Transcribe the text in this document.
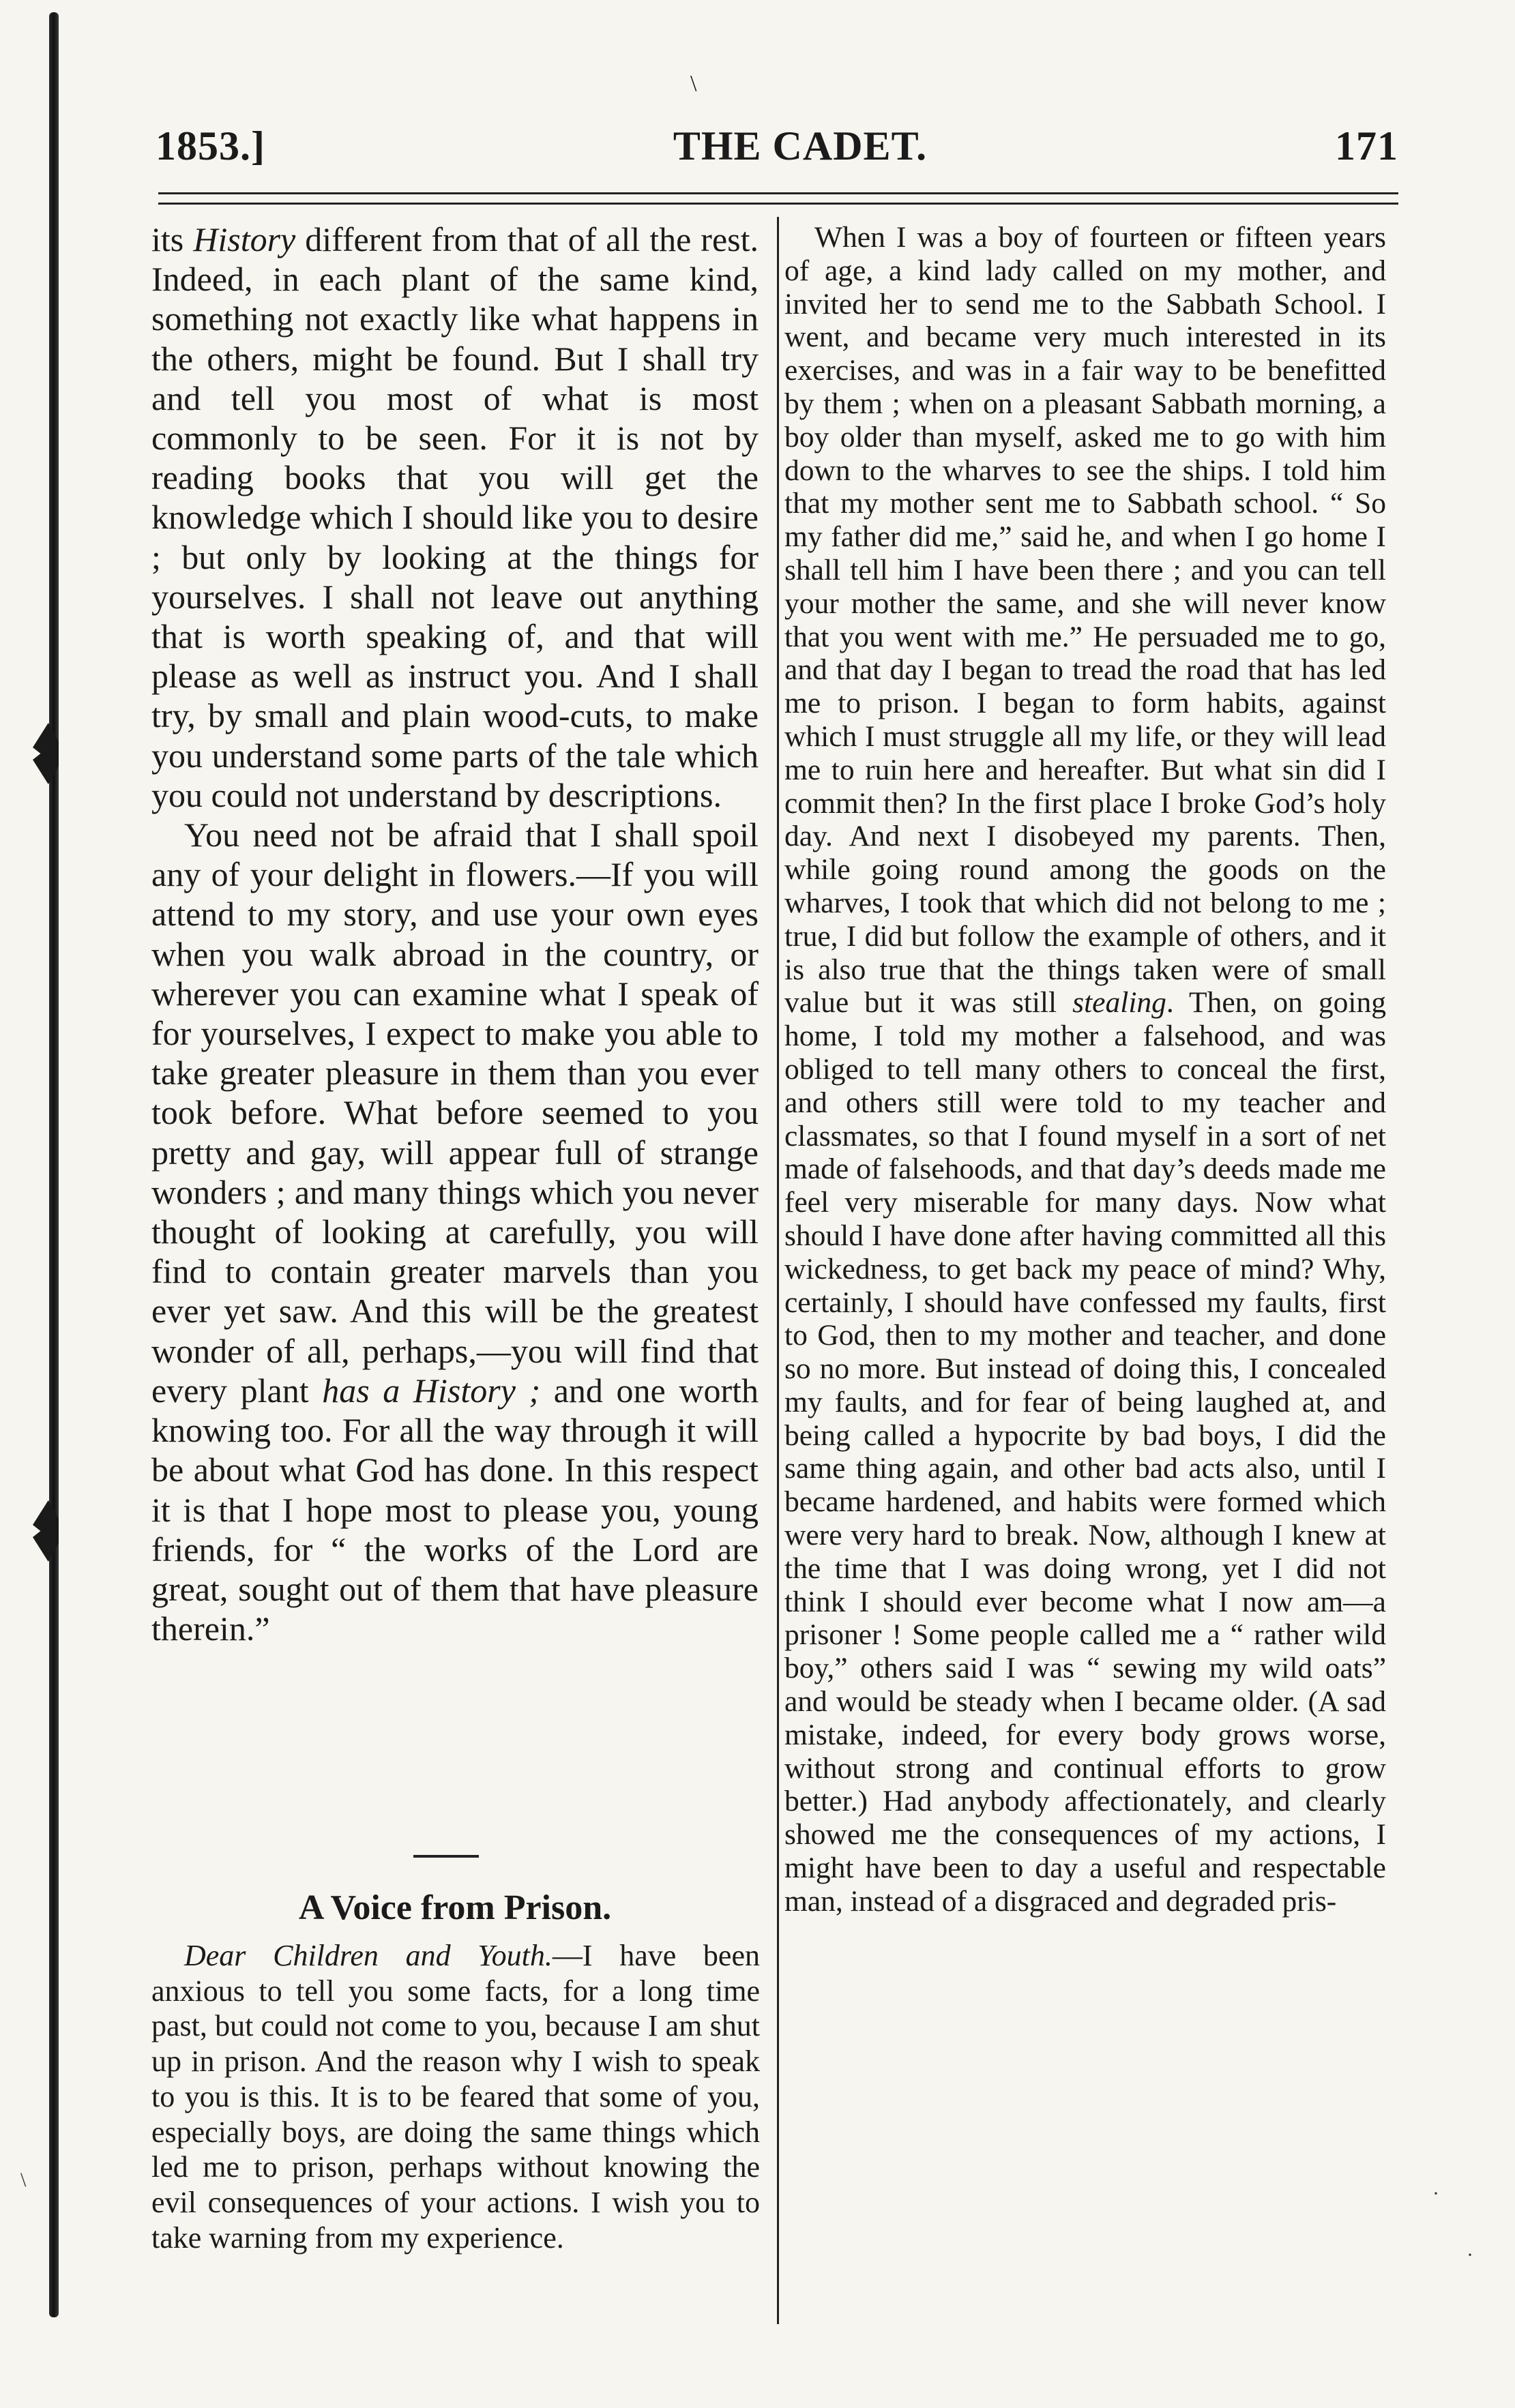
\
1853.]	THE CADET.	171

its History different from that of all the rest. Indeed, in each plant of the same kind, something not exactly like what happens in the others, might be found. But I shall try and tell you most of what is most commonly to be seen. For it is not by reading books that you will get the knowledge which I should like you to desire ; but only by looking at the things for yourselves. I shall not leave out anything that is worth speaking of, and that will please as well as instruct you. And I shall try, by small and plain wood-cuts, to make you understand some parts of the tale which you could not understand by descriptions.

You need not be afraid that I shall spoil any of your delight in flowers.—If you will attend to my story, and use your own eyes when you walk abroad in the country, or wherever you can examine what I speak of for yourselves, I expect to make you able to take greater pleasure in them than you ever took before. What before seemed to you pretty and gay, will appear full of strange wonders ; and many things which you never thought of looking at carefully, you will find to contain greater marvels than you ever yet saw. And this will be the greatest wonder of all, perhaps,—you will find that every plant has a History ; and one worth knowing too. For all the way through it will be about what God has done. In this respect it is that I hope most to please you, young friends, for “ the works of the Lord are great, sought out of them that have pleasure therein.”

A Voice from Prison.

Dear Children and Youth.—I have been anxious to tell you some facts, for a long time past, but could not come to you, because I am shut up in prison. And the reason why I wish to speak to you is this. It is to be feared that some of you, especially boys, are doing the same things which led me to prison, perhaps without knowing the evil consequences of your actions. I wish you to take warning from my experience.

When I was a boy of fourteen or fifteen years of age, a kind lady called on my mother, and invited her to send me to the Sabbath School. I went, and became very much interested in its exercises, and was in a fair way to be benefitted by them ; when on a pleasant Sabbath morning, a boy older than myself, asked me to go with him down to the wharves to see the ships. I told him that my mother sent me to Sabbath school. “ So my father did me,” said he, and when I go home I shall tell him I have been there ; and you can tell your mother the same, and she will never know that you went with me.” He persuaded me to go, and that day I began to tread the road that has led me to prison. I began to form habits, against which I must struggle all my life, or they will lead me to ruin here and hereafter. But what sin did I commit then? In the first place I broke God’s holy day. And next I disobeyed my parents. Then, while going round among the goods on the wharves, I took that which did not belong to me ; true, I did but follow the example of others, and it is also true that the things taken were of small value but it was still stealing. Then, on going home, I told my mother a falsehood, and was obliged to tell many others to conceal the first, and others still were told to my teacher and classmates, so that I found myself in a sort of net made of falsehoods, and that day’s deeds made me feel very miserable for many days. Now what should I have done after having committed all this wickedness, to get back my peace of mind? Why, certainly, I should have confessed my faults, first to God, then to my mother and teacher, and done so no more. But instead of doing this, I concealed my faults, and for fear of being laughed at, and being called a hypocrite by bad boys, I did the same thing again, and other bad acts also, until I became hardened, and habits were formed which were very hard to break. Now, although I knew at the time that I was doing wrong, yet I did not think I should ever become what I now am—a prisoner ! Some people called me a “ rather wild boy,” others said I was “ sewing my wild oats” and would be steady when I became older. (A sad mistake, indeed, for every body grows worse, without strong and continual efforts to grow better.) Had anybody affectionately, and clearly showed me the consequences of my actions, I might have been to day a useful and respectable man, instead of a disgraced and degraded pris-

\
·
·
